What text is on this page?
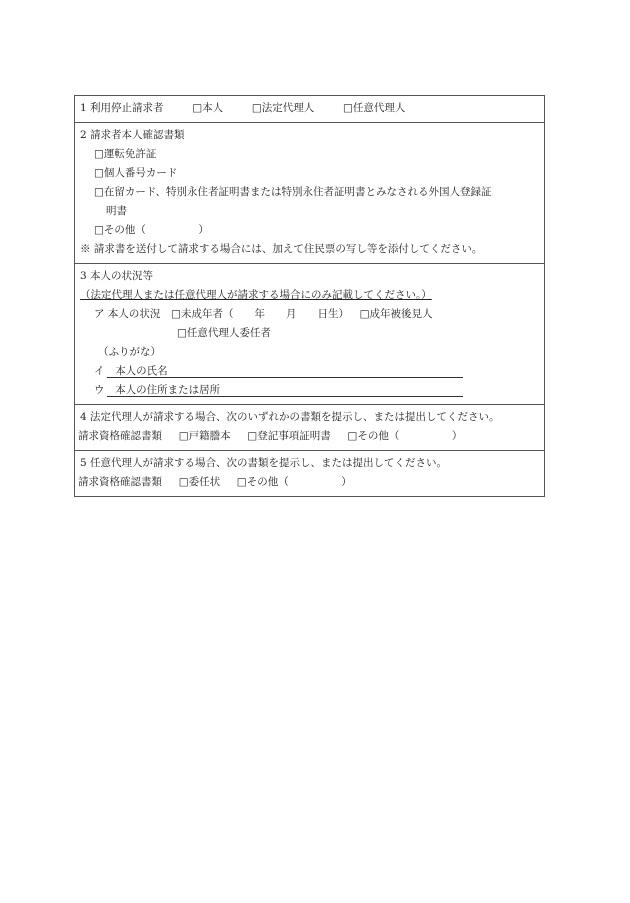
1 利用停止請求者	□本人	□法定代理人	□任意代理人
2 請求者本人確認書類
□運転免許証
□個人番号カード
□在留カード、特別永住者証明書または特別永住者証明書とみなされる外国人登録証
明書
□その他（　　　　　）
※ 請求書を送付して請求する場合には、加えて住民票の写し等を添付してください。
3 本人の状況等
（法定代理人または任意代理人が請求する場合にのみ記載してください。）
ア 本人の状況 □未成年者（　　年　　月　　日生） □成年被後見人
□任意代理人委任者
（ふりがな）
イ 本人の氏名
ウ 本人の住所または居所
4 法定代理人が請求する場合、次のいずれかの書類を提示し、または提出してください。
請求資格確認書類 □戸籍謄本 □登記事項証明書 □その他（　　　　　）
5 任意代理人が請求する場合、次の書類を提示し、または提出してください。
請求資格確認書類 □委任状 □その他（　　　　　）
